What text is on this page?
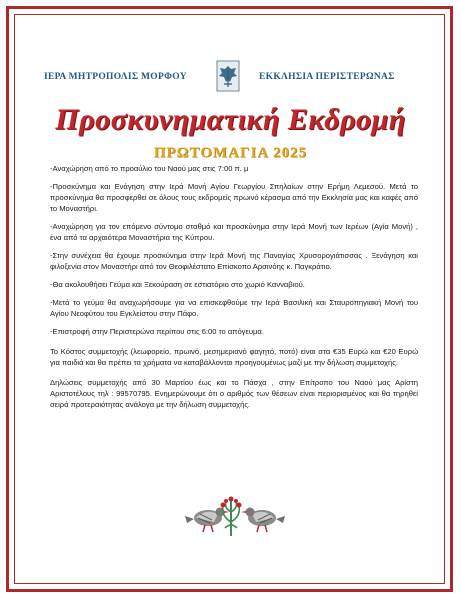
ΙΕΡΑ ΜΗΤΡΟΠΟΛΙΣ ΜΟΡΦΟΥ	ΕΚΚΛΗΣΙΑ ΠΕΡΙΣΤΕΡΩΝΑΣ
Προσκυνηματική Εκδρομή
ΠΡΩΤΟΜΑΓΙΑ 2025

-Αναχώρηση από το προαύλιο του Ναού μας στις 7:00 π. μ

-Προσκύνημα και Ενάγηση στην Ιερά Μονή Αγίου Γεωργίου Σπηλαίων στην Ερήμη Λεμεσού. Μετά το προσκύνημα θα προσφερθεί σε όλους τους εκδρομείς πρωινό κέρασμα από την Εκκλησία μας και καφές από το Μοναστήρι.

-Αναχώρηση για τον επόμενο σύντομο σταθμό και προσκύνημα στην Ιερά Μονή των Ιερέων (Αγία Μονή) , ένα από τα αρχαιότερα Μοναστήρια της Κύπρου.

-Στην συνέχεια θα έχουμε προσκύνημα στην Ιερά Μονή της Παναγίας Χρυσορογιάτισσας . Ξενάγηση και φιλοξενία στον Μοναστήρι από τον Θεοφιλέστατο Επίσκοπο Αρσινόης κ. Παγκράτιο.

-Θα ακολουθήσει Γεύμα και Ξεκούραση σε εστιατόριο στο χωριό Κανναβιού.

-Μετά το γεύμα θα αναχωρήσουμε για να επισκεφθούμε την Ιερά Βασιλική και Σταυροπηγιακή Μονή του Αγίου Νεοφύτου του Εγκλείστου στην Πάφο.

-Επιστροφή στην Περιστερώνα περίπου στις 6:00 το απόγευμα.

Το Κόστος συμμετοχής (λεωφορείο, πρωινό, μεσημεριανό φαγητό, ποτό) είναι στα €35 Ευρώ και €20 Ευρώ για παιδιά και θα πρέπει τα χρήματα να καταβάλλονται προηγουμένως μαζί με την δήλωση συμμετοχής.

Δηλώσεις συμμετοχής από 30 Μαρτίου έως και το Πάσχα , στην Επίτροπο του Ναού μας Αρίστη Αριστοτέλους τηλ : 99570795. Ενημερώνουμε ότι ο αριθμός των θέσεων είναι περιορισμένος και θα τηρηθεί σειρά προτεραιότητας ανάλογα με την δήλωση συμμετοχής.
